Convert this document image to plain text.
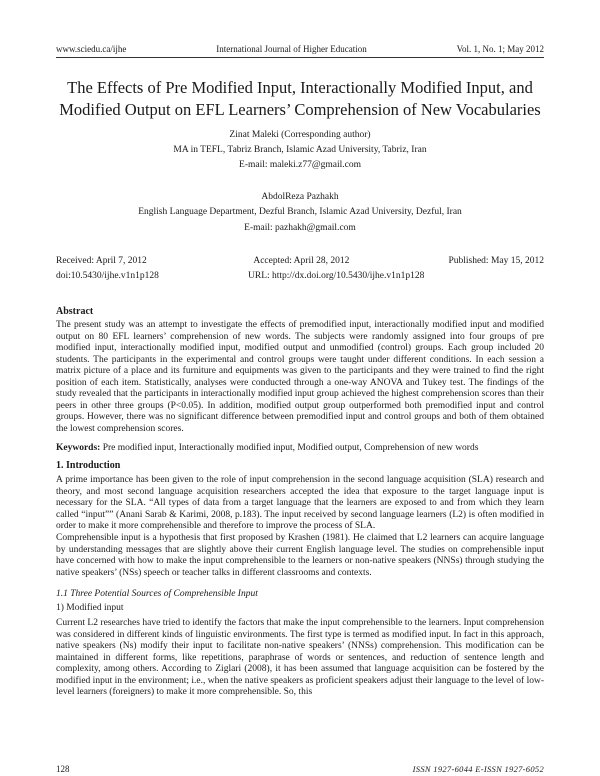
www.sciedu.ca/ijhe	International Journal of Higher Education	Vol. 1, No. 1; May 2012
The Effects of Pre Modified Input, Interactionally Modified Input, and Modified Output on EFL Learners’ Comprehension of New Vocabularies
Zinat Maleki (Corresponding author)
MA in TEFL, Tabriz Branch, Islamic Azad University, Tabriz, Iran
E-mail: maleki.z77@gmail.com
AbdolReza Pazhakh
English Language Department, Dezful Branch, Islamic Azad University, Dezful, Iran
E-mail: pazhakh@gmail.com
Received: April 7, 2012	Accepted: April 28, 2012	Published: May 15, 2012
doi:10.5430/ijhe.v1n1p128	URL: http://dx.doi.org/10.5430/ijhe.v1n1p128
Abstract

The present study was an attempt to investigate the effects of premodified input, interactionally modified input and modified output on 80 EFL learners’ comprehension of new words. The subjects were randomly assigned into four groups of pre modified input, interactionally modified input, modified output and unmodified (control) groups. Each group included 20 students. The participants in the experimental and control groups were taught under different conditions. In each session a matrix picture of a place and its furniture and equipments was given to the participants and they were trained to find the right position of each item. Statistically, analyses were conducted through a one-way ANOVA and Tukey test. The findings of the study revealed that the participants in interactionally modified input group achieved the highest comprehension scores than their peers in other three groups (P<0.05). In addition, modified output group outperformed both premodified input and control groups. However, there was no significant difference between premodified input and control groups and both of them obtained the lowest comprehension scores.

Keywords: Pre modified input, Interactionally modified input, Modified output, Comprehension of new words
1. Introduction

A prime importance has been given to the role of input comprehension in the second language acquisition (SLA) research and theory, and most second language acquisition researchers accepted the idea that exposure to the target language input is necessary for the SLA. “All types of data from a target language that the learners are exposed to and from which they learn called “input”” (Anani Sarab & Karimi, 2008, p.183). The input received by second language learners (L2) is often modified in order to make it more comprehensible and therefore to improve the process of SLA.

Comprehensible input is a hypothesis that first proposed by Krashen (1981). He claimed that L2 learners can acquire language by understanding messages that are slightly above their current English language level. The studies on comprehensible input have concerned with how to make the input comprehensible to the learners or non-native speakers (NNSs) through studying the native speakers’ (NSs) speech or teacher talks in different classrooms and contexts.

1.1 Three Potential Sources of Comprehensible Input
1) Modified input

Current L2 researches have tried to identify the factors that make the input comprehensible to the learners. Input comprehension was considered in different kinds of linguistic environments. The first type is termed as modified input. In fact in this approach, native speakers (Ns) modify their input to facilitate non-native speakers’ (NNSs) comprehension. This modification can be maintained in different forms, like repetitions, paraphrase of words or sentences, and reduction of sentence length and complexity, among others. According to Ziglari (2008), it has been assumed that language acquisition can be fostered by the modified input in the environment; i.e., when the native speakers as proficient speakers adjust their language to the level of low-level learners (foreigners) to make it more comprehensible. So, this

128	ISSN 1927-6044 E-ISSN 1927-6052
